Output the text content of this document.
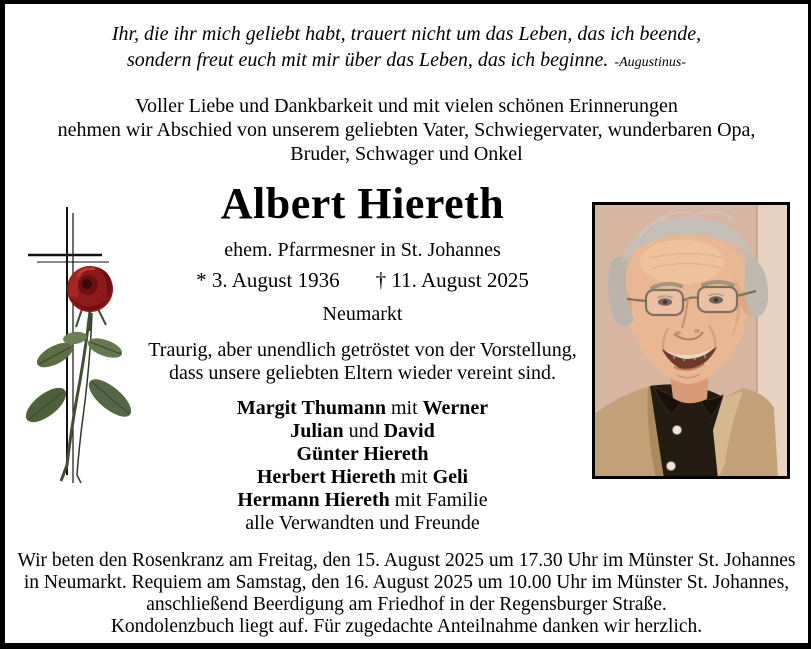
Ihr, die ihr mich geliebt habt, trauert nicht um das Leben, das ich beende,
sondern freut euch mit mir über das Leben, das ich beginne. -Augustinus-
Voller Liebe und Dankbarkeit und mit vielen schönen Erinnerungen
nehmen wir Abschied von unserem geliebten Vater, Schwiegervater, wunderbaren Opa,
Bruder, Schwager und Onkel
Albert Hiereth
ehem. Pfarrmesner in St. Johannes
* 3. August 1936 † 11. August 2025
Neumarkt
Traurig, aber unendlich getröstet von der Vorstellung,
dass unsere geliebten Eltern wieder vereint sind.
Margit Thumann mit Werner
Julian und David
Günter Hiereth
Herbert Hiereth mit Geli
Hermann Hiereth mit Familie
alle Verwandten und Freunde
Wir beten den Rosenkranz am Freitag, den 15. August 2025 um 17.30 Uhr im Münster St. Johannes
in Neumarkt. Requiem am Samstag, den 16. August 2025 um 10.00 Uhr im Münster St. Johannes,
anschließend Beerdigung am Friedhof in der Regensburger Straße.
Kondolenzbuch liegt auf. Für zugedachte Anteilnahme danken wir herzlich.
